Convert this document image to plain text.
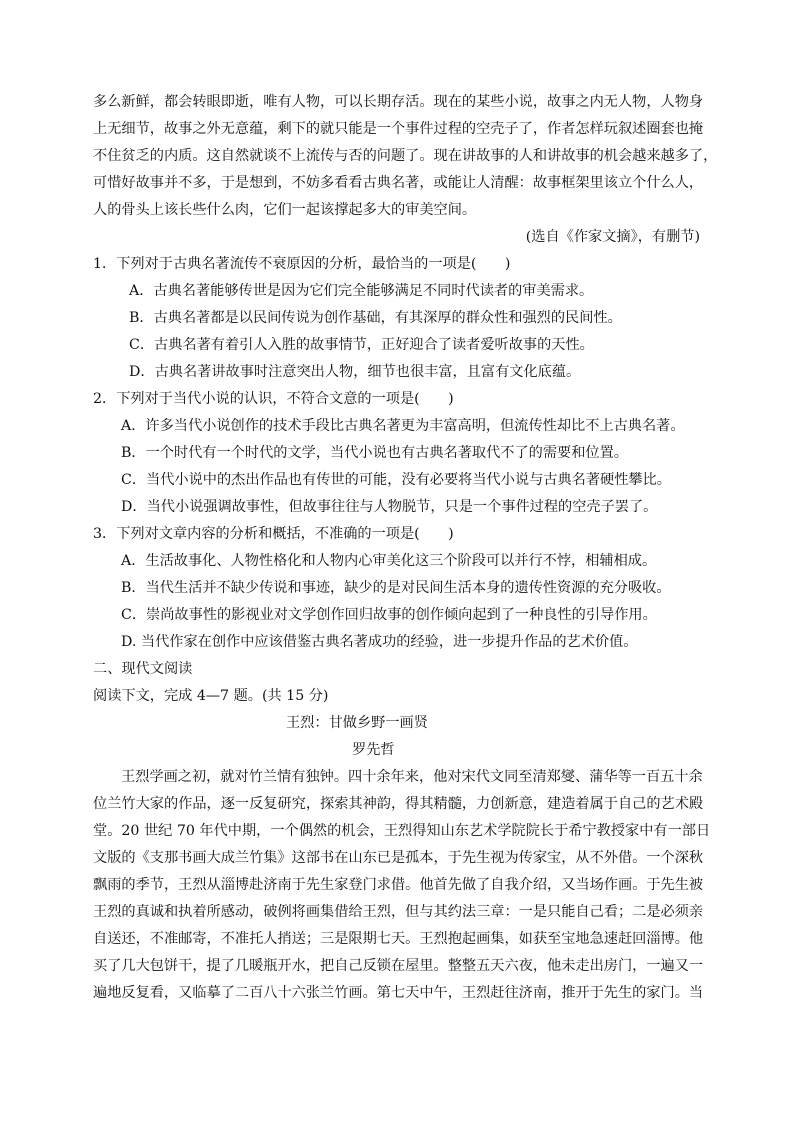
多么新鲜，都会转眼即逝，唯有人物，可以长期存活。现在的某些小说，故事之内无人物，人物身
上无细节，故事之外无意蕴，剩下的就只能是一个事件过程的空壳子了，作者怎样玩叙述圈套也掩
不住贫乏的内质。这自然就谈不上流传与否的问题了。现在讲故事的人和讲故事的机会越来越多了，
可惜好故事并不多，于是想到，不妨多看看古典名著，或能让人清醒：故事框架里该立个什么人，
人的骨头上该长些什么肉，它们一起该撑起多大的审美空间。
(选自《作家文摘》，有删节)
1．下列对于古典名著流传不衰原因的分析，最恰当的一项是(　　)
A．古典名著能够传世是因为它们完全能够满足不同时代读者的审美需求。
B．古典名著都是以民间传说为创作基础，有其深厚的群众性和强烈的民间性。
C．古典名著有着引人入胜的故事情节，正好迎合了读者爱听故事的天性。
D．古典名著讲故事时注意突出人物，细节也很丰富，且富有文化底蕴。
2．下列对于当代小说的认识，不符合文意的一项是(　　)
A．许多当代小说创作的技术手段比古典名著更为丰富高明，但流传性却比不上古典名著。
B．一个时代有一个时代的文学，当代小说也有古典名著取代不了的需要和位置。
C．当代小说中的杰出作品也有传世的可能，没有必要将当代小说与古典名著硬性攀比。
D．当代小说强调故事性，但故事往往与人物脱节，只是一个事件过程的空壳子罢了。
3．下列对文章内容的分析和概括，不准确的一项是(　　)
A．生活故事化、人物性格化和人物内心审美化这三个阶段可以并行不悖，相辅相成。
B．当代生活并不缺少传说和事迹，缺少的是对民间生活本身的遗传性资源的充分吸收。
C．崇尚故事性的影视业对文学创作回归故事的创作倾向起到了一种良性的引导作用。
D. 当代作家在创作中应该借鉴古典名著成功的经验，进一步提升作品的艺术价值。
二、现代文阅读
阅读下文，完成 4—7 题。(共 15 分)
王烈：甘做乡野一画贤
罗先哲
王烈学画之初，就对竹兰情有独钟。四十余年来，他对宋代文同至清郑燮、蒲华等一百五十余
位兰竹大家的作品，逐一反复研究，探索其神韵，得其精髓，力创新意，建造着属于自己的艺术殿
堂。20 世纪 70 年代中期，一个偶然的机会，王烈得知山东艺术学院院长于希宁教授家中有一部日
文版的《支那书画大成兰竹集》这部书在山东已是孤本，于先生视为传家宝，从不外借。一个深秋
飘雨的季节，王烈从淄博赴济南于先生家登门求借。他首先做了自我介绍，又当场作画。于先生被
王烈的真诚和执着所感动，破例将画集借给王烈，但与其约法三章：一是只能自己看；二是必须亲
自送还，不准邮寄，不准托人捎送；三是限期七天。王烈抱起画集，如获至宝地急速赶回淄博。他
买了几大包饼干，提了几暖瓶开水，把自己反锁在屋里。整整五天六夜，他未走出房门，一遍又一
遍地反复看，又临摹了二百八十六张兰竹画。第七天中午，王烈赶往济南，推开于先生的家门。当
